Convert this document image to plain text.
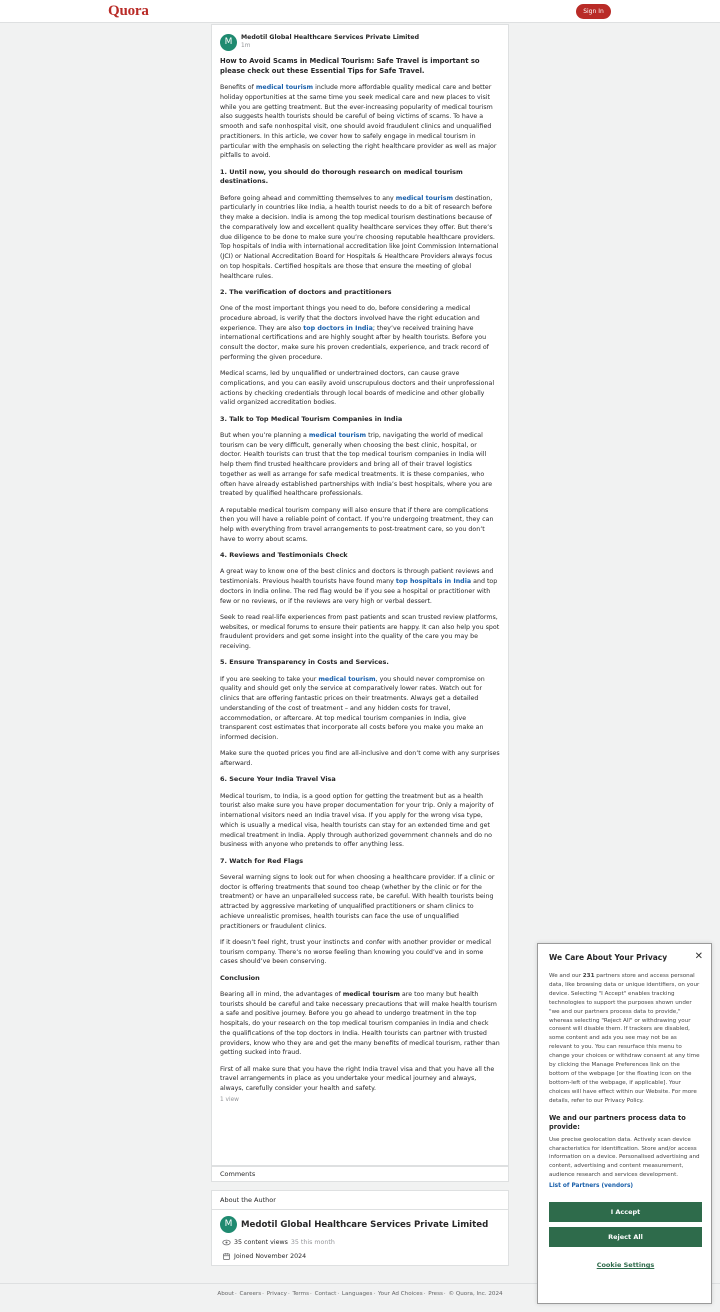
Quora	Sign In
M	Medotil Global Healthcare Services Private Limited
1m
How to Avoid Scams in Medical Tourism: Safe Travel is important so please check out these Essential Tips for Safe Travel.

Benefits of medical tourism include more affordable quality medical care and better holiday opportunities at the same time you seek medical care and new places to visit while you are getting treatment. But the ever-increasing popularity of medical tourism also suggests health tourists should be careful of being victims of scams. To have a smooth and safe nonhospital visit, one should avoid fraudulent clinics and unqualified practitioners. In this article, we cover how to safely engage in medical tourism in particular with the emphasis on selecting the right healthcare provider as well as major pitfalls to avoid.

1. Until now, you should do thorough research on medical tourism destinations.

Before going ahead and committing themselves to any medical tourism destination, particularly in countries like India, a health tourist needs to do a bit of research before they make a decision. India is among the top medical tourism destinations because of the comparatively low and excellent quality healthcare services they offer. But there’s due diligence to be done to make sure you’re choosing reputable healthcare providers. Top hospitals of India with international accreditation like Joint Commission International (JCI) or National Accreditation Board for Hospitals & Healthcare Providers always focus on top hospitals. Certified hospitals are those that ensure the meeting of global healthcare rules.

2. The verification of doctors and practitioners

One of the most important things you need to do, before considering a medical procedure abroad, is verify that the doctors involved have the right education and experience. They are also top doctors in India; they’ve received training have international certifications and are highly sought after by health tourists. Before you consult the doctor, make sure his proven credentials, experience, and track record of performing the given procedure.

Medical scams, led by unqualified or undertrained doctors, can cause grave complications, and you can easily avoid unscrupulous doctors and their unprofessional actions by checking credentials through local boards of medicine and other globally valid organized accreditation bodies.

3. Talk to Top Medical Tourism Companies in India

But when you’re planning a medical tourism trip, navigating the world of medical tourism can be very difficult, generally when choosing the best clinic, hospital, or doctor. Health tourists can trust that the top medical tourism companies in India will help them find trusted healthcare providers and bring all of their travel logistics together as well as arrange for safe medical treatments. It is these companies, who often have already established partnerships with India’s best hospitals, where you are treated by qualified healthcare professionals.

A reputable medical tourism company will also ensure that if there are complications then you will have a reliable point of contact. If you’re undergoing treatment, they can help with everything from travel arrangements to post-treatment care, so you don’t have to worry about scams.

4. Reviews and Testimonials Check

A great way to know one of the best clinics and doctors is through patient reviews and testimonials. Previous health tourists have found many top hospitals in India and top doctors in India online. The red flag would be if you see a hospital or practitioner with few or no reviews, or if the reviews are very high or verbal dessert.

Seek to read real-life experiences from past patients and scan trusted review platforms, websites, or medical forums to ensure their patients are happy. It can also help you spot fraudulent providers and get some insight into the quality of the care you may be receiving.

5. Ensure Transparency in Costs and Services.

If you are seeking to take your medical tourism, you should never compromise on quality and should get only the service at comparatively lower rates. Watch out for clinics that are offering fantastic prices on their treatments. Always get a detailed understanding of the cost of treatment – and any hidden costs for travel, accommodation, or aftercare. At top medical tourism companies in India, give transparent cost estimates that incorporate all costs before you make you make an informed decision.

Make sure the quoted prices you find are all-inclusive and don’t come with any surprises afterward.

6. Secure Your India Travel Visa

Medical tourism, to India, is a good option for getting the treatment but as a health tourist also make sure you have proper documentation for your trip. Only a majority of international visitors need an India travel visa. If you apply for the wrong visa type, which is usually a medical visa, health tourists can stay for an extended time and get medical treatment in India. Apply through authorized government channels and do no business with anyone who pretends to offer anything less.

7. Watch for Red Flags

Several warning signs to look out for when choosing a healthcare provider. If a clinic or doctor is offering treatments that sound too cheap (whether by the clinic or for the treatment) or have an unparalleled success rate, be careful. With health tourists being attracted by aggressive marketing of unqualified practitioners or sham clinics to achieve unrealistic promises, health tourists can face the use of unqualified practitioners or fraudulent clinics.

If it doesn’t feel right, trust your instincts and confer with another provider or medical tourism company. There’s no worse feeling than knowing you could’ve and in some cases should’ve been conserving.

Conclusion

Bearing all in mind, the advantages of medical tourism are too many but health tourists should be careful and take necessary precautions that will make health tourism a safe and positive journey. Before you go ahead to undergo treatment in the top hospitals, do your research on the top medical tourism companies in India and check the qualifications of the top doctors in India. Health tourists can partner with trusted providers, know who they are and get the many benefits of medical tourism, rather than getting sucked into fraud.

First of all make sure that you have the right India travel visa and that you have all the travel arrangements in place as you undertake your medical journey and always, always, carefully consider your health and safety.

1 view
Comments
About the Author
M	Medotil Global Healthcare Services Private Limited
35 content views 35 this month
Joined November 2024
About· Careers· Privacy· Terms· Contact· Languages· Your Ad Choices· Press· © Quora, Inc. 2024
We Care About Your Privacy	✕

We and our 231 partners store and access personal data, like browsing data or unique identifiers, on your device. Selecting "I Accept" enables tracking technologies to support the purposes shown under "we and our partners process data to provide," whereas selecting "Reject All" or withdrawing your consent will disable them. If trackers are disabled, some content and ads you see may not be as relevant to you. You can resurface this menu to change your choices or withdraw consent at any time by clicking the Manage Preferences link on the bottom of the webpage [or the floating icon on the bottom-left of the webpage, if applicable]. Your choices will have effect within our Website. For more details, refer to our Privacy Policy.

We and our partners process data to provide:

Use precise geolocation data. Actively scan device characteristics for identification. Store and/or access information on a device. Personalised advertising and content, advertising and content measurement, audience research and services development.

List of Partners (vendors)
I Accept
Reject All
Cookie Settings
